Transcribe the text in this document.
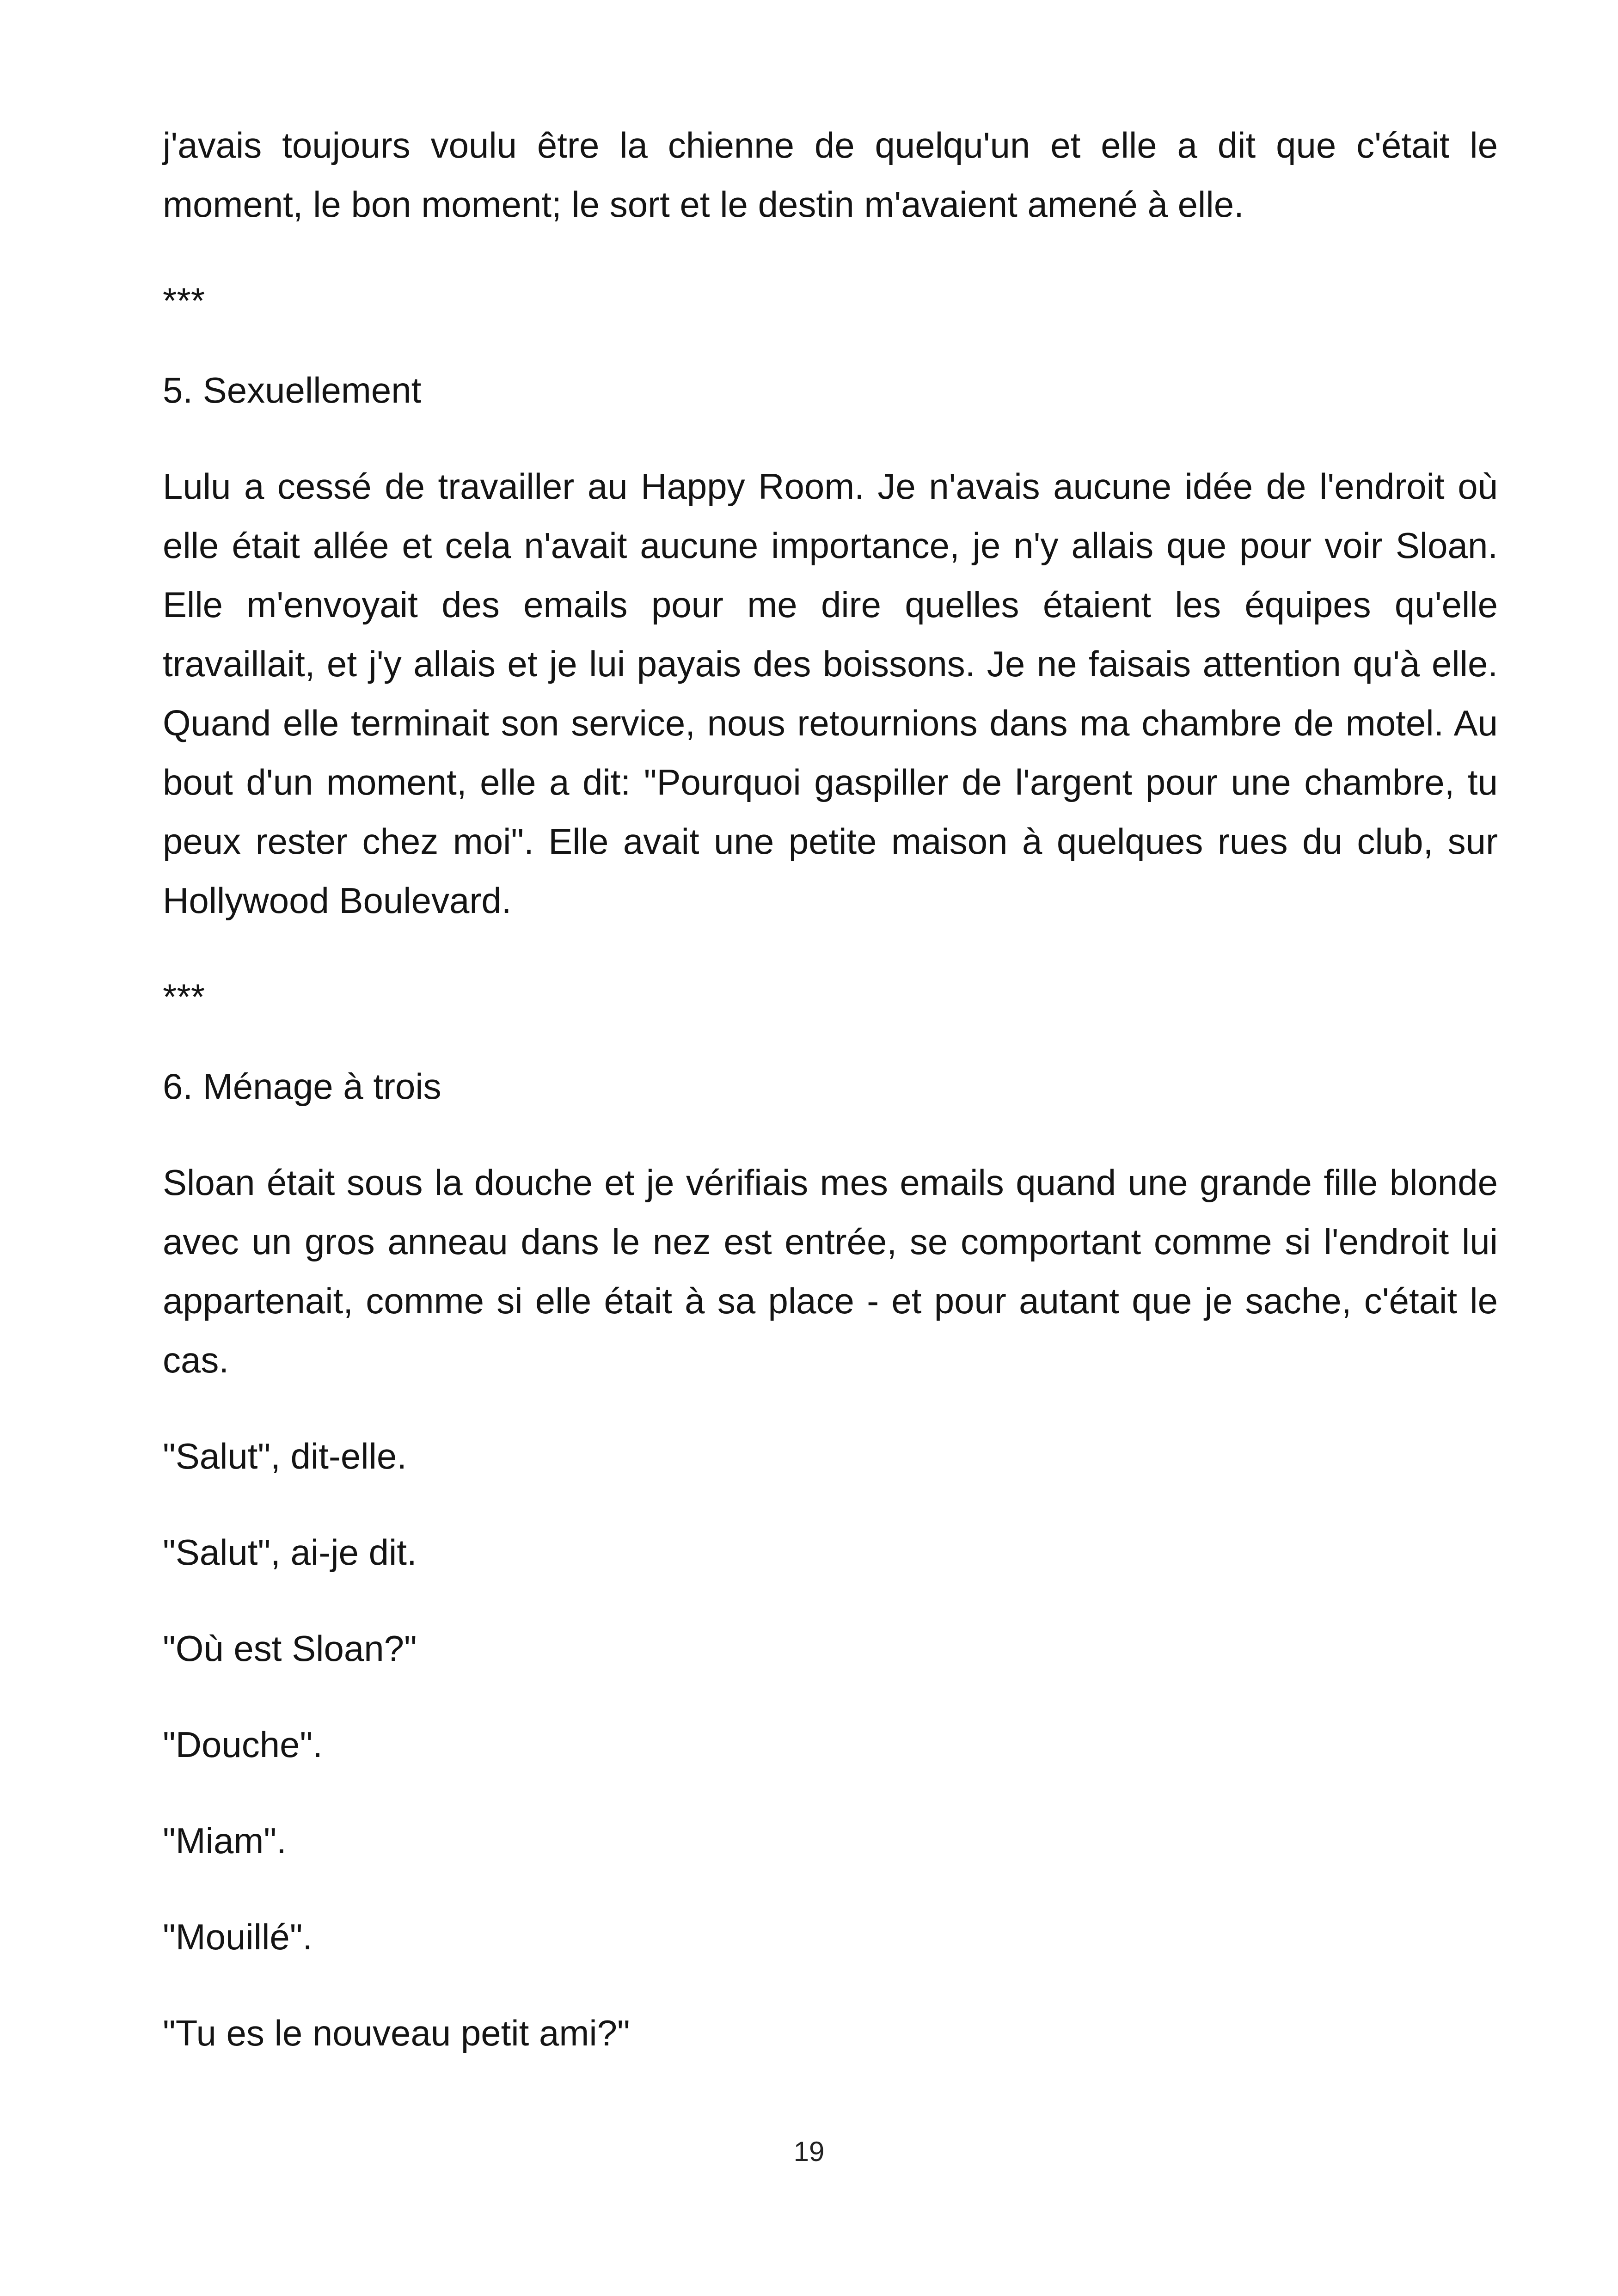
j'avais toujours voulu être la chienne de quelqu'un et elle a dit que c'était le moment, le bon moment; le sort et le destin m'avaient amené à elle.

***

5. Sexuellement

Lulu a cessé de travailler au Happy Room. Je n'avais aucune idée de l'endroit où elle était allée et cela n'avait aucune importance, je n'y allais que pour voir Sloan. Elle m'envoyait des emails pour me dire quelles étaient les équipes qu'elle travaillait, et j'y allais et je lui payais des boissons. Je ne faisais attention qu'à elle. Quand elle terminait son service, nous retournions dans ma chambre de motel. Au bout d'un moment, elle a dit: "Pourquoi gaspiller de l'argent pour une chambre, tu peux rester chez moi". Elle avait une petite maison à quelques rues du club, sur Hollywood Boulevard.

***

6. Ménage à trois

Sloan était sous la douche et je vérifiais mes emails quand une grande fille blonde avec un gros anneau dans le nez est entrée, se comportant comme si l'endroit lui appartenait, comme si elle était à sa place - et pour autant que je sache, c'était le cas.

"Salut", dit-elle.

"Salut", ai-je dit.

"Où est Sloan?"

"Douche".

"Miam".

"Mouillé".

"Tu es le nouveau petit ami?"

19
